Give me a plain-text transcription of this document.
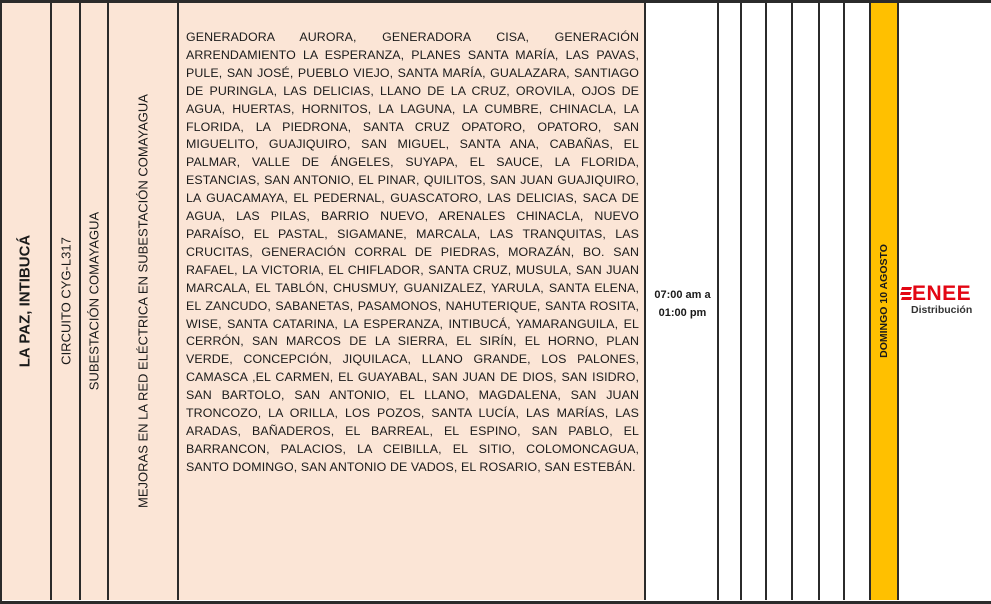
LA PAZ, INTIBUCÁ CIRCUITO CYG-L317 SUBESTACIÓN COMAYAGUA	MEJORAS EN LA RED ELÉCTRICA EN SUBESTACIÓN COMAYAGUA
GENERADORA AURORA, GENERADORA CISA, GENERACIÓN ARRENDAMIENTO LA ESPERANZA, PLANES SANTA MARÍA, LAS PAVAS, PULE, SAN JOSÉ, PUEBLO VIEJO, SANTA MARÍA, GUALAZARA, SANTIAGO DE PURINGLA, LAS DELICIAS, LLANO DE LA CRUZ, OROVILA, OJOS DE AGUA, HUERTAS, HORNITOS, LA LAGUNA, LA CUMBRE, CHINACLA, LA FLORIDA, LA PIEDRONA, SANTA CRUZ OPATORO, OPATORO, SAN MIGUELITO, GUAJIQUIRO, SAN MIGUEL, SANTA ANA, CABAÑAS, EL PALMAR, VALLE DE ÁNGELES, SUYAPA, EL SAUCE, LA FLORIDA, ESTANCIAS, SAN ANTONIO, EL PINAR, QUILITOS, SAN JUAN GUAJIQUIRO, LA GUACAMAYA, EL PEDERNAL, GUASCATORO, LAS DELICIAS, SACA DE AGUA, LAS PILAS, BARRIO NUEVO, ARENALES CHINACLA, NUEVO PARAÍSO, EL PASTAL, SIGAMANE, MARCALA, LAS TRANQUITAS, LAS CRUCITAS, GENERACIÓN CORRAL DE PIEDRAS, MORAZÁN, BO. SAN RAFAEL, LA VICTORIA, EL CHIFLADOR, SANTA CRUZ, MUSULA, SAN JUAN MARCALA, EL TABLÓN, CHUSMUY, GUANIZALEZ, YARULA, SANTA ELENA, EL ZANCUDO, SABANETAS, PASAMONOS, NAHUTERIQUE, SANTA ROSITA, WISE, SANTA CATARINA, LA ESPERANZA, INTIBUCÁ, YAMARANGUILA, EL CERRÓN, SAN MARCOS DE LA SIERRA, EL SIRÍN, EL HORNO, PLAN VERDE, CONCEPCIÓN, JIQUILACA, LLANO GRANDE, LOS PALONES, CAMASCA ,EL CARMEN, EL GUAYABAL, SAN JUAN DE DIOS, SAN ISIDRO, SAN BARTOLO, SAN ANTONIO, EL LLANO, MAGDALENA, SAN JUAN TRONCOZO, LA ORILLA, LOS POZOS, SANTA LUCÍA, LAS MARÍAS, LAS ARADAS, BAÑADEROS, EL BARREAL, EL ESPINO, SAN PABLO, EL BARRANCON, PALACIOS, LA CEIBILLA, EL SITIO, COLOMONCAGUA, SANTO DOMINGO, SAN ANTONIO DE VADOS, EL ROSARIO, SAN ESTEBÁN.
07:00 am a
01:00 pm	DOMINGO 10 AGOSTO ENEE
Distribución
